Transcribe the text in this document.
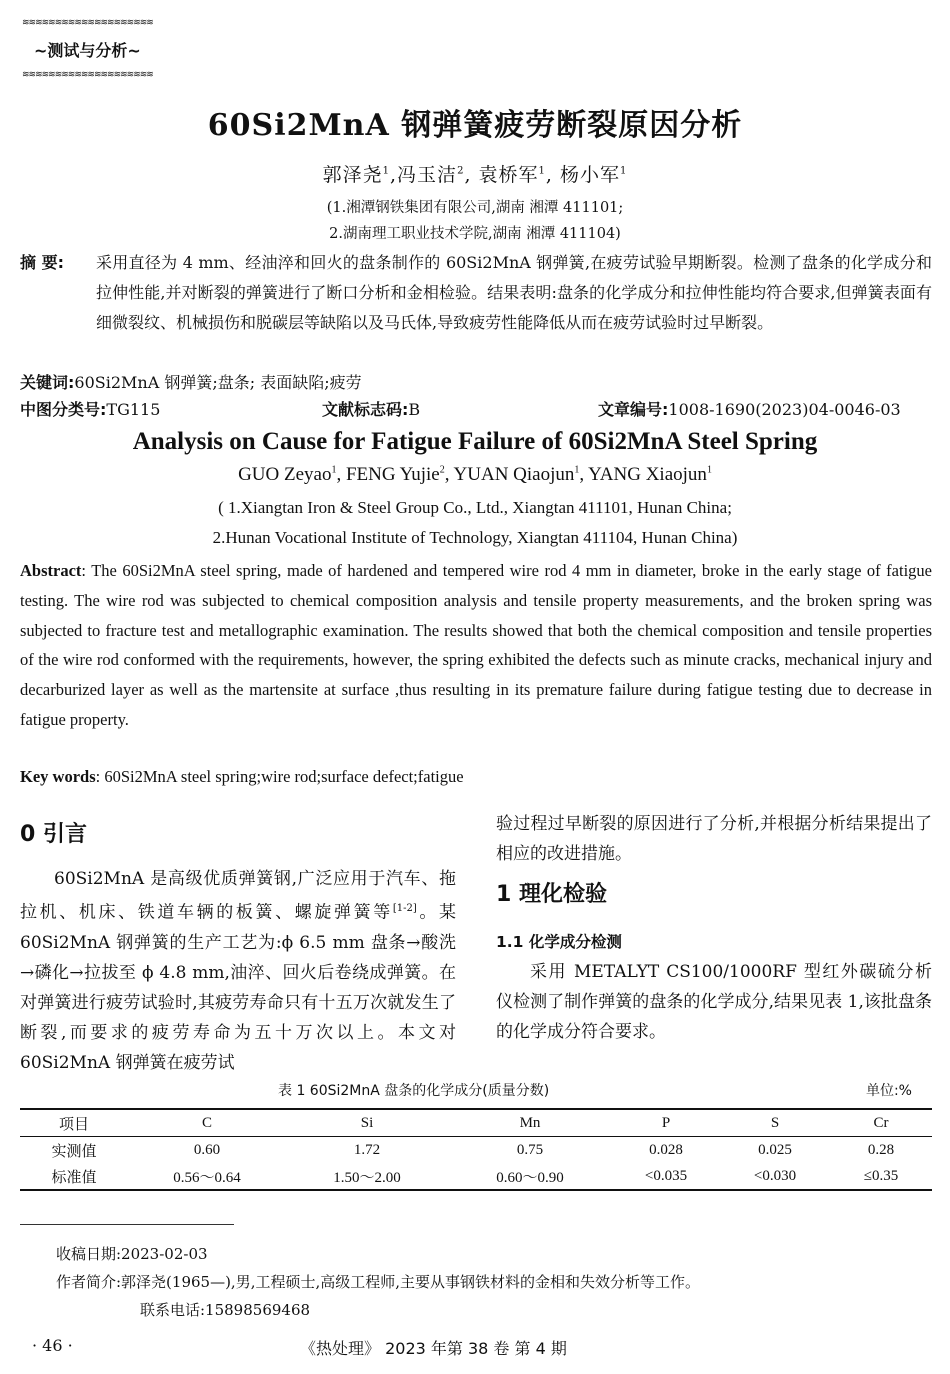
≋≋≋≋≋≋≋≋≋≋≋≋≋≋≋≋≋≋≋≋
~测试与分析~
≋≋≋≋≋≋≋≋≋≋≋≋≋≋≋≋≋≋≋≋
60Si2MnA 钢弹簧疲劳断裂原因分析
郭泽尧$^1$,冯玉洁$^2$, 袁桥军$^1$, 杨小军$^1$
(1.湘潭钢铁集团有限公司,湖南 湘潭 411101;
2.湖南理工职业技术学院,湖南 湘潭 411104)
摘 要: 采用直径为 4 mm、经油淬和回火的盘条制作的 60Si2MnA 钢弹簧,在疲劳试验早期断裂。检测了盘条的化学成分和拉伸性能,并对断裂的弹簧进行了断口分析和金相检验。结果表明:盘条的化学成分和拉伸性能均符合要求,但弹簧表面有细微裂纹、机械损伤和脱碳层等缺陷以及马氏体,导致疲劳性能降低从而在疲劳试验时过早断裂。
关键词:60Si2MnA 钢弹簧;盘条; 表面缺陷;疲劳
中图分类号:TG115	文献标志码:B	文章编号:1008-1690(2023)04-0046-03
Analysis on Cause for Fatigue Failure of 60Si2MnA Steel Spring
GUO Zeyao$^1$, FENG Yujie$^2$, YUAN Qiaojun$^1$, YANG Xiaojun$^1$
( 1.Xiangtan Iron & Steel Group Co., Ltd., Xiangtan 411101, Hunan China;
2.Hunan Vocational Institute of Technology, Xiangtan 411104, Hunan China)
Abstract: The 60Si2MnA steel spring, made of hardened and tempered wire rod 4 mm in diameter, broke in the early stage of fatigue testing. The wire rod was subjected to chemical composition analysis and tensile property measurements, and the broken spring was subjected to fracture test and metallographic examination. The results showed that both the chemical composition and tensile properties of the wire rod conformed with the requirements, however, the spring exhibited the defects such as minute cracks, mechanical injury and decarburized layer as well as the martensite at surface ,thus resulting in its premature failure during fatigue testing due to decrease in fatigue property.
Key words: 60Si2MnA steel spring;wire rod;surface defect;fatigue
0 引言
60Si2MnA 是高级优质弹簧钢,广泛应用于汽车、拖拉机、机床、铁道车辆的板簧、螺旋弹簧等[1-2]。某 60Si2MnA 钢弹簧的生产工艺为:ϕ 6.5 mm 盘条→酸洗→磷化→拉拔至 ϕ 4.8 mm,油淬、回火后卷绕成弹簧。在对弹簧进行疲劳试验时,其疲劳寿命只有十五万次就发生了断裂,而要求的疲劳寿命为五十万次以上。本文对 60Si2MnA 钢弹簧在疲劳试
验过程过早断裂的原因进行了分析,并根据分析结果提出了相应的改进措施。
1 理化检验
1.1 化学成分检测
采用 METALYT CS100/1000RF 型红外碳硫分析仪检测了制作弹簧的盘条的化学成分,结果见表 1,该批盘条的化学成分符合要求。
表 1 60Si2MnA 盘条的化学成分(质量分数)	单位:%
项目	C	Si	Mn	P	S	Cr
实测值	0.60	1.72	0.75	0.028	0.025	0.28
标准值	0.56～0.64	1.50～2.00	0.60～0.90	<0.035	<0.030	≤0.35
收稿日期:2023-02-03
作者简介:郭泽尧(1965—),男,工程硕士,高级工程师,主要从事钢铁材料的金相和失效分析等工作。
联系电话:15898569468
· 46 ·	《热处理》 2023 年第 38 卷 第 4 期
